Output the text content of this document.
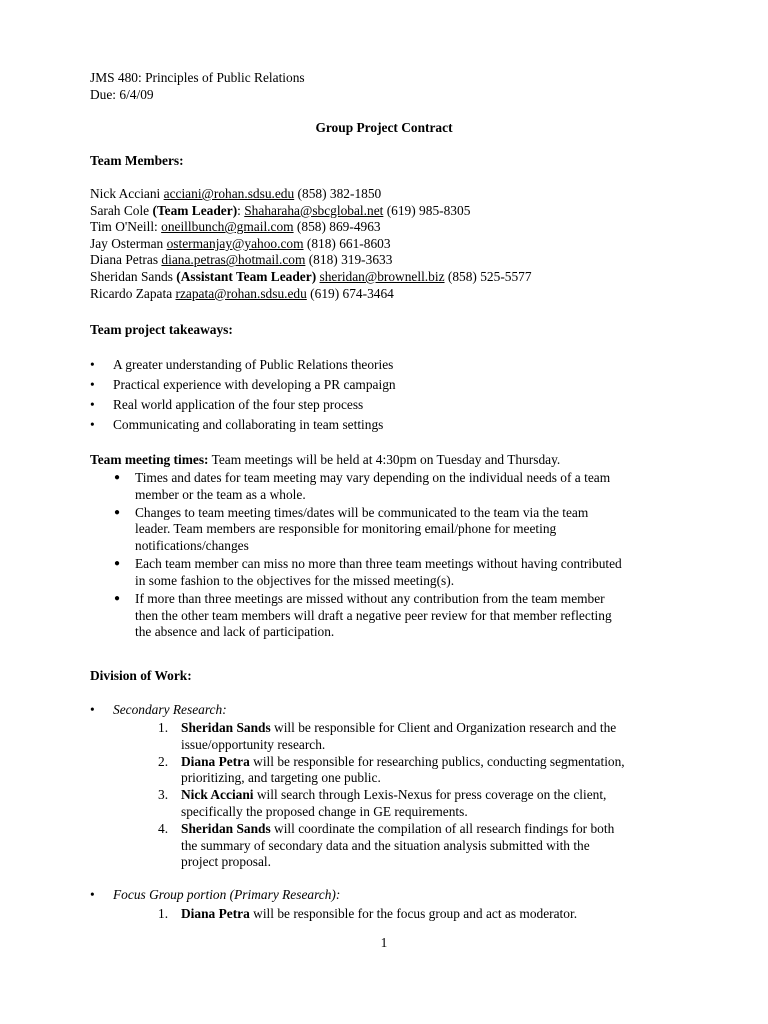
JMS 480: Principles of Public Relations
Due: 6/4/09
Group Project Contract
Team Members:
Nick Acciani acciani@rohan.sdsu.edu (858) 382-1850
Sarah Cole (Team Leader): Shaharaha@sbcglobal.net (619) 985-8305
Tim O'Neill: oneillbunch@gmail.com (858) 869-4963
Jay Osterman ostermanjay@yahoo.com (818) 661-8603
Diana Petras diana.petras@hotmail.com (818) 319-3633
Sheridan Sands (Assistant Team Leader) sheridan@brownell.biz (858) 525-5577
Ricardo Zapata rzapata@rohan.sdsu.edu (619) 674-3464
Team project takeaways:
• A greater understanding of Public Relations theories
• Practical experience with developing a PR campaign
• Real world application of the four step process
• Communicating and collaborating in team settings
Team meeting times: Team meetings will be held at 4:30pm on Tuesday and Thursday.
● Times and dates for team meeting may vary depending on the individual needs of a team
member or the team as a whole.
● Changes to team meeting times/dates will be communicated to the team via the team
leader. Team members are responsible for monitoring email/phone for meeting
notifications/changes
● Each team member can miss no more than three team meetings without having contributed
in some fashion to the objectives for the missed meeting(s).
● If more than three meetings are missed without any contribution from the team member
then the other team members will draft a negative peer review for that member reflecting
the absence and lack of participation.
Division of Work:
• Secondary Research:
1. Sheridan Sands will be responsible for Client and Organization research and the
issue/opportunity research.
2. Diana Petra will be responsible for researching publics, conducting segmentation,
prioritizing, and targeting one public.
3. Nick Acciani will search through Lexis-Nexus for press coverage on the client,
specifically the proposed change in GE requirements.
4. Sheridan Sands will coordinate the compilation of all research findings for both
the summary of secondary data and the situation analysis submitted with the
project proposal.
• Focus Group portion (Primary Research):
1. Diana Petra will be responsible for the focus group and act as moderator.
1
